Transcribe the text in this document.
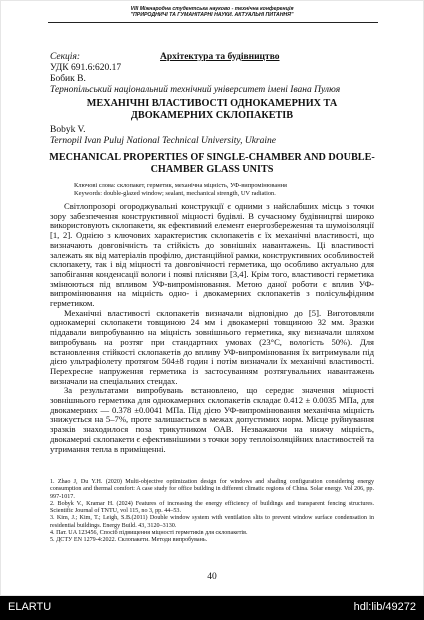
VIII Міжнародна студентська науково - технічна конференція
"ПРИРОДНИЧІ ТА ГУМАНІТАРНІ НАУКИ. АКТУАЛЬНІ ПИТАННЯ"
Секція:	Архітектура та будівництво
УДК 691.6:620.17
Бобик В.
Тернопільський національний технічний університет імені Івана Пулюя
МЕХАНІЧНІ ВЛАСТИВОСТІ ОДНОКАМЕРНИХ ТА
ДВОКАМЕРНИХ СКЛОПАКЕТІВ
Bobyk V.
Ternopil Ivan Puluj National Technical University, Ukraine
MECHANICAL PROPERTIES OF SINGLE-CHAMBER AND DOUBLE-
CHAMBER GLASS UNITS
Ключові слова: склопакет, герметик, механічна міцність, УФ-випромінювання
Keywords: double-glazed window; sealant, mechanical strength, UV radiation.

Світлопрозорі огороджувальні конструкції є одними з найслабших місць з точки зору забезпечення конструктивної міцності будівлі. В сучасному будівництві широко використовують склопакети, як ефективний елемент енергозбереження та шумоізоляції [1, 2]. Однією з ключових характеристик склопакетів є їх механічні властивості, що визначають довговічність та стійкість до зовнішніх навантажень. Ці властивості залежать як від матеріалів профілю, дистанційної рамки, конструктивних особливостей склопакету, так і від міцності та довговічності герметика, що особливо актуально для запобігання конденсації вологи і появі плісняви [3,4]. Крім того, властивості герметика змінюються під впливом УФ-випромінювання. Метою даної роботи є вплив УФ-випромінювання на міцність одно- і двокамерних склопакетів з полісульфідним герметиком.

Механічні властивості склопакетів визначали відповідно до [5]. Виготовляли однокамерні склопакети товщиною 24 мм і двокамерні товщиною 32 мм. Зразки піддавали випробуванню на міцність зовнішнього герметика, яку визначали шляхом випробувань на розтяг при стандартних умовах (23°C, вологість 50%). Для встановлення стійкості склопакетів до впливу УФ-випромінювання їх витримували під дією ультрафіолету протягом 504±8 годин і потім визначали їх механічні властивості. Перехресне напруження герметика із застосуванням розтягувальних навантажень визначали на спеціальних стендах.

За результатами випробувань встановлено, що середнє значення міцності зовнішнього герметика для однокамерних склопакетів складає 0.412 ± 0.0035 МПа, для двокамерних — 0.378 ±0.0041 МПа. Під дією УФ-випромінювання механічна міцність знижується на 5–7%, проте залишається в межах допустимих норм. Місце руйнування зразків знаходилося поза трикутником ОАВ. Незважаючи на нижчу міцність, двокамерні склопакети є ефективнішими з точки зору теплоізоляційних властивостей та утримання тепла в приміщенні.

1. Zhao J, Du Y.H. (2020) Multi-objective optimization design for windows and shading configuration considering energy consumption and thermal comfort: A case study for office building in different climatic regions of China. Solar energy. Vol 206, pp. 997-1017.
2. Bobyk V., Kramar H. (2024) Features of increasing the energy efficiency of buildings and transparent fencing structures. Scientific Journal of TNTU, vol 115, no 3, pp. 44–53.
3. Kim, J.; Kim, T.; Leigh, S.B.(2011) Double window system with ventilation slits to prevent window surface condensation in residential buildings. Energy Build. 43, 3120–3130.
4. Пат. UA 123456, Спосіб підвищення міцності герметиків для склопакетів.
5. ДСТУ EN 1279-4:2022. Склопакети. Методи випробувань.
40
ELARTU	hdl:lib/49272
